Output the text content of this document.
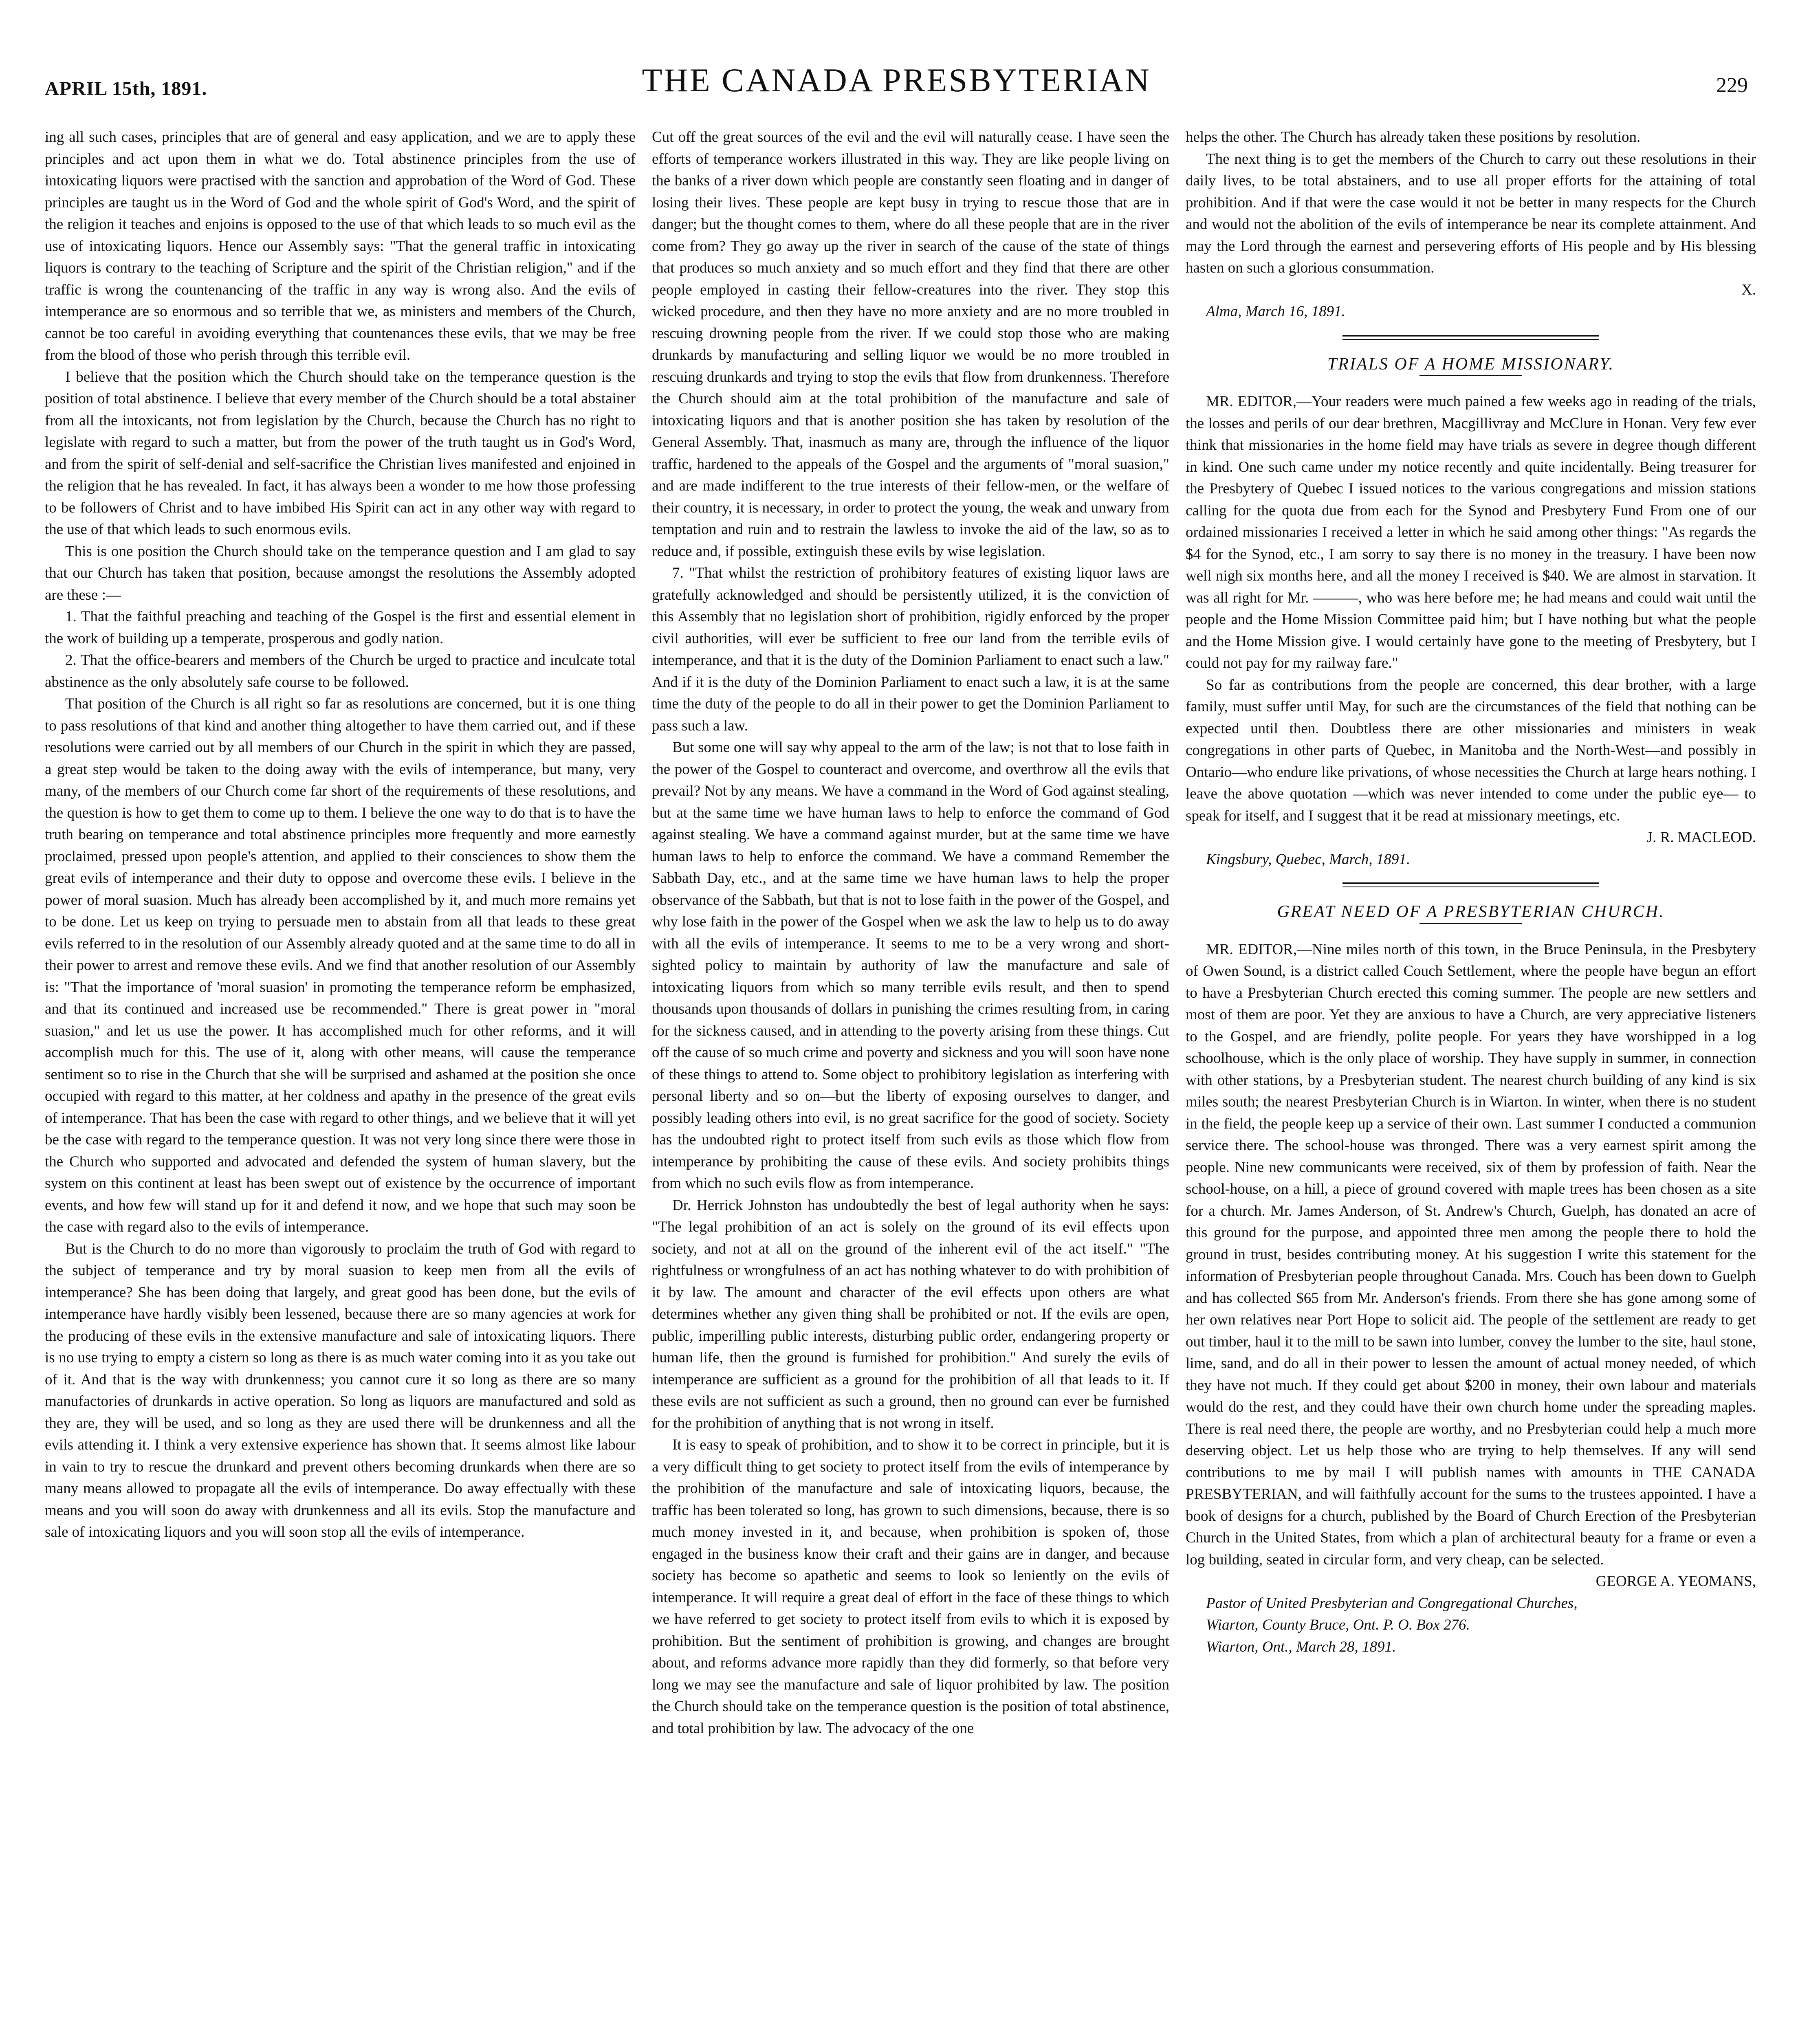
APRIL 15th, 1891.	THE CANADA PRESBYTERIAN	229

ing all such cases, principles that are of general and easy application, and we are to apply these principles and act upon them in what we do. Total abstinence principles from the use of intoxicating liquors were practised with the sanction and approbation of the Word of God. These principles are taught us in the Word of God and the whole spirit of God's Word, and the spirit of the religion it teaches and enjoins is opposed to the use of that which leads to so much evil as the use of intoxicating liquors. Hence our Assembly says: "That the general traffic in intoxicating liquors is contrary to the teaching of Scripture and the spirit of the Christian religion," and if the traffic is wrong the countenancing of the traffic in any way is wrong also. And the evils of intemperance are so enormous and so terrible that we, as ministers and members of the Church, cannot be too careful in avoiding everything that countenances these evils, that we may be free from the blood of those who perish through this terrible evil.

I believe that the position which the Church should take on the temperance question is the position of total abstinence. I believe that every member of the Church should be a total abstainer from all the intoxicants, not from legislation by the Church, because the Church has no right to legislate with regard to such a matter, but from the power of the truth taught us in God's Word, and from the spirit of self-denial and self-sacrifice the Christian lives manifested and enjoined in the religion that he has revealed. In fact, it has always been a wonder to me how those professing to be followers of Christ and to have imbibed His Spirit can act in any other way with regard to the use of that which leads to such enormous evils.

This is one position the Church should take on the temperance question and I am glad to say that our Church has taken that position, because amongst the resolutions the Assembly adopted are these :—

1. That the faithful preaching and teaching of the Gospel is the first and essential element in the work of building up a temperate, prosperous and godly nation.

2. That the office-bearers and members of the Church be urged to practice and inculcate total abstinence as the only absolutely safe course to be followed.

That position of the Church is all right so far as resolutions are concerned, but it is one thing to pass resolutions of that kind and another thing altogether to have them carried out, and if these resolutions were carried out by all members of our Church in the spirit in which they are passed, a great step would be taken to the doing away with the evils of intemperance, but many, very many, of the members of our Church come far short of the requirements of these resolutions, and the question is how to get them to come up to them. I believe the one way to do that is to have the truth bearing on temperance and total abstinence principles more frequently and more earnestly proclaimed, pressed upon people's attention, and applied to their consciences to show them the great evils of intemperance and their duty to oppose and overcome these evils. I believe in the power of moral suasion. Much has already been accomplished by it, and much more remains yet to be done. Let us keep on trying to persuade men to abstain from all that leads to these great evils referred to in the resolution of our Assembly already quoted and at the same time to do all in their power to arrest and remove these evils. And we find that another resolution of our Assembly is: "That the importance of 'moral suasion' in promoting the temperance reform be emphasized, and that its continued and increased use be recommended." There is great power in "moral suasion," and let us use the power. It has accomplished much for other reforms, and it will accomplish much for this. The use of it, along with other means, will cause the temperance sentiment so to rise in the Church that she will be surprised and ashamed at the position she once occupied with regard to this matter, at her coldness and apathy in the presence of the great evils of intemperance. That has been the case with regard to other things, and we believe that it will yet be the case with regard to the temperance question. It was not very long since there were those in the Church who supported and advocated and defended the system of human slavery, but the system on this continent at least has been swept out of existence by the occurrence of important events, and how few will stand up for it and defend it now, and we hope that such may soon be the case with regard also to the evils of intemperance.

But is the Church to do no more than vigorously to proclaim the truth of God with regard to the subject of temperance and try by moral suasion to keep men from all the evils of intemperance? She has been doing that largely, and great good has been done, but the evils of intemperance have hardly visibly been lessened, because there are so many agencies at work for the producing of these evils in the extensive manufacture and sale of intoxicating liquors. There is no use trying to empty a cistern so long as there is as much water coming into it as you take out of it. And that is the way with drunkenness; you cannot cure it so long as there are so many manufactories of drunkards in active operation. So long as liquors are manufactured and sold as they are, they will be used, and so long as they are used there will be drunkenness and all the evils attending it. I think a very extensive experience has shown that. It seems almost like labour in vain to try to rescue the drunkard and prevent others becoming drunkards when there are so many means allowed to propagate all the evils of intemperance. Do away effectually with these means and you will soon do away with drunkenness and all its evils. Stop the manufacture and sale of intoxicating liquors and you will soon stop all the evils of intemperance.

Cut off the great sources of the evil and the evil will naturally cease. I have seen the efforts of temperance workers illustrated in this way. They are like people living on the banks of a river down which people are constantly seen floating and in danger of losing their lives. These people are kept busy in trying to rescue those that are in danger; but the thought comes to them, where do all these people that are in the river come from? They go away up the river in search of the cause of the state of things that produces so much anxiety and so much effort and they find that there are other people employed in casting their fellow-creatures into the river. They stop this wicked procedure, and then they have no more anxiety and are no more troubled in rescuing drowning people from the river. If we could stop those who are making drunkards by manufacturing and selling liquor we would be no more troubled in rescuing drunkards and trying to stop the evils that flow from drunkenness. Therefore the Church should aim at the total prohibition of the manufacture and sale of intoxicating liquors and that is another position she has taken by resolution of the General Assembly. That, inasmuch as many are, through the influence of the liquor traffic, hardened to the appeals of the Gospel and the arguments of "moral suasion," and are made indifferent to the true interests of their fellow-men, or the welfare of their country, it is necessary, in order to protect the young, the weak and unwary from temptation and ruin and to restrain the lawless to invoke the aid of the law, so as to reduce and, if possible, extinguish these evils by wise legislation.

7. "That whilst the restriction of prohibitory features of existing liquor laws are gratefully acknowledged and should be persistently utilized, it is the conviction of this Assembly that no legislation short of prohibition, rigidly enforced by the proper civil authorities, will ever be sufficient to free our land from the terrible evils of intemperance, and that it is the duty of the Dominion Parliament to enact such a law." And if it is the duty of the Dominion Parliament to enact such a law, it is at the same time the duty of the people to do all in their power to get the Dominion Parliament to pass such a law.

But some one will say why appeal to the arm of the law; is not that to lose faith in the power of the Gospel to counteract and overcome, and overthrow all the evils that prevail? Not by any means. We have a command in the Word of God against stealing, but at the same time we have human laws to help to enforce the command of God against stealing. We have a command against murder, but at the same time we have human laws to help to enforce the command. We have a command Remember the Sabbath Day, etc., and at the same time we have human laws to help the proper observance of the Sabbath, but that is not to lose faith in the power of the Gospel, and why lose faith in the power of the Gospel when we ask the law to help us to do away with all the evils of intemperance. It seems to me to be a very wrong and short-sighted policy to maintain by authority of law the manufacture and sale of intoxicating liquors from which so many terrible evils result, and then to spend thousands upon thousands of dollars in punishing the crimes resulting from, in caring for the sickness caused, and in attending to the poverty arising from these things. Cut off the cause of so much crime and poverty and sickness and you will soon have none of these things to attend to. Some object to prohibitory legislation as interfering with personal liberty and so on—but the liberty of exposing ourselves to danger, and possibly leading others into evil, is no great sacrifice for the good of society. Society has the undoubted right to protect itself from such evils as those which flow from intemperance by prohibiting the cause of these evils. And society prohibits things from which no such evils flow as from intemperance.

Dr. Herrick Johnston has undoubtedly the best of legal authority when he says: "The legal prohibition of an act is solely on the ground of its evil effects upon society, and not at all on the ground of the inherent evil of the act itself." "The rightfulness or wrongfulness of an act has nothing whatever to do with prohibition of it by law. The amount and character of the evil effects upon others are what determines whether any given thing shall be prohibited or not. If the evils are open, public, imperilling public interests, disturbing public order, endangering property or human life, then the ground is furnished for prohibition." And surely the evils of intemperance are sufficient as a ground for the prohibition of all that leads to it. If these evils are not sufficient as such a ground, then no ground can ever be furnished for the prohibition of anything that is not wrong in itself.

It is easy to speak of prohibition, and to show it to be correct in principle, but it is a very difficult thing to get society to protect itself from the evils of intemperance by the prohibition of the manufacture and sale of intoxicating liquors, because, the traffic has been tolerated so long, has grown to such dimensions, because, there is so much money invested in it, and because, when prohibition is spoken of, those engaged in the business know their craft and their gains are in danger, and because society has become so apathetic and seems to look so leniently on the evils of intemperance. It will require a great deal of effort in the face of these things to which we have referred to get society to protect itself from evils to which it is exposed by prohibition. But the sentiment of prohibition is growing, and changes are brought about, and reforms advance more rapidly than they did formerly, so that before very long we may see the manufacture and sale of liquor prohibited by law. The position the Church should take on the temperance question is the position of total abstinence, and total prohibition by law. The advocacy of the one

helps the other. The Church has already taken these positions by resolution.

The next thing is to get the members of the Church to carry out these resolutions in their daily lives, to be total abstainers, and to use all proper efforts for the attaining of total prohibition. And if that were the case would it not be better in many respects for the Church and would not the abolition of the evils of intemperance be near its complete attainment. And may the Lord through the earnest and persevering efforts of His people and by His blessing hasten on such a glorious consummation.

X.

Alma, March 16, 1891.

TRIALS OF A HOME MISSIONARY.

MR. EDITOR,—Your readers were much pained a few weeks ago in reading of the trials, the losses and perils of our dear brethren, Macgillivray and McClure in Honan. Very few ever think that missionaries in the home field may have trials as severe in degree though different in kind. One such came under my notice recently and quite incidentally. Being treasurer for the Presbytery of Quebec I issued notices to the various congregations and mission stations calling for the quota due from each for the Synod and Presbytery Fund From one of our ordained missionaries I received a letter in which he said among other things: "As regards the $4 for the Synod, etc., I am sorry to say there is no money in the treasury. I have been now well nigh six months here, and all the money I received is $40. We are almost in starvation. It was all right for Mr. ———, who was here before me; he had means and could wait until the people and the Home Mission Committee paid him; but I have nothing but what the people and the Home Mission give. I would certainly have gone to the meeting of Presbytery, but I could not pay for my railway fare."

So far as contributions from the people are concerned, this dear brother, with a large family, must suffer until May, for such are the circumstances of the field that nothing can be expected until then. Doubtless there are other missionaries and ministers in weak congregations in other parts of Quebec, in Manitoba and the North-West—and possibly in Ontario—who endure like privations, of whose necessities the Church at large hears nothing. I leave the above quotation —which was never intended to come under the public eye— to speak for itself, and I suggest that it be read at missionary meetings, etc.

J. R. MACLEOD.

Kingsbury, Quebec, March, 1891.

GREAT NEED OF A PRESBYTERIAN CHURCH.

MR. EDITOR,—Nine miles north of this town, in the Bruce Peninsula, in the Presbytery of Owen Sound, is a district called Couch Settlement, where the people have begun an effort to have a Presbyterian Church erected this coming summer. The people are new settlers and most of them are poor. Yet they are anxious to have a Church, are very appreciative listeners to the Gospel, and are friendly, polite people. For years they have worshipped in a log schoolhouse, which is the only place of worship. They have supply in summer, in connection with other stations, by a Presbyterian student. The nearest church building of any kind is six miles south; the nearest Presbyterian Church is in Wiarton. In winter, when there is no student in the field, the people keep up a service of their own. Last summer I conducted a communion service there. The school-house was thronged. There was a very earnest spirit among the people. Nine new communicants were received, six of them by profession of faith. Near the school-house, on a hill, a piece of ground covered with maple trees has been chosen as a site for a church. Mr. James Anderson, of St. Andrew's Church, Guelph, has donated an acre of this ground for the purpose, and appointed three men among the people there to hold the ground in trust, besides contributing money. At his suggestion I write this statement for the information of Presbyterian people throughout Canada. Mrs. Couch has been down to Guelph and has collected $65 from Mr. Anderson's friends. From there she has gone among some of her own relatives near Port Hope to solicit aid. The people of the settlement are ready to get out timber, haul it to the mill to be sawn into lumber, convey the lumber to the site, haul stone, lime, sand, and do all in their power to lessen the amount of actual money needed, of which they have not much. If they could get about $200 in money, their own labour and materials would do the rest, and they could have their own church home under the spreading maples. There is real need there, the people are worthy, and no Presbyterian could help a much more deserving object. Let us help those who are trying to help themselves. If any will send contributions to me by mail I will publish names with amounts in THE CANADA PRESBYTERIAN, and will faithfully account for the sums to the trustees appointed. I have a book of designs for a church, published by the Board of Church Erection of the Presbyterian Church in the United States, from which a plan of architectural beauty for a frame or even a log building, seated in circular form, and very cheap, can be selected.

GEORGE A. YEOMANS,

Pastor of United Presbyterian and Congregational Churches,

Wiarton, County Bruce, Ont. P. O. Box 276.

Wiarton, Ont., March 28, 1891.
